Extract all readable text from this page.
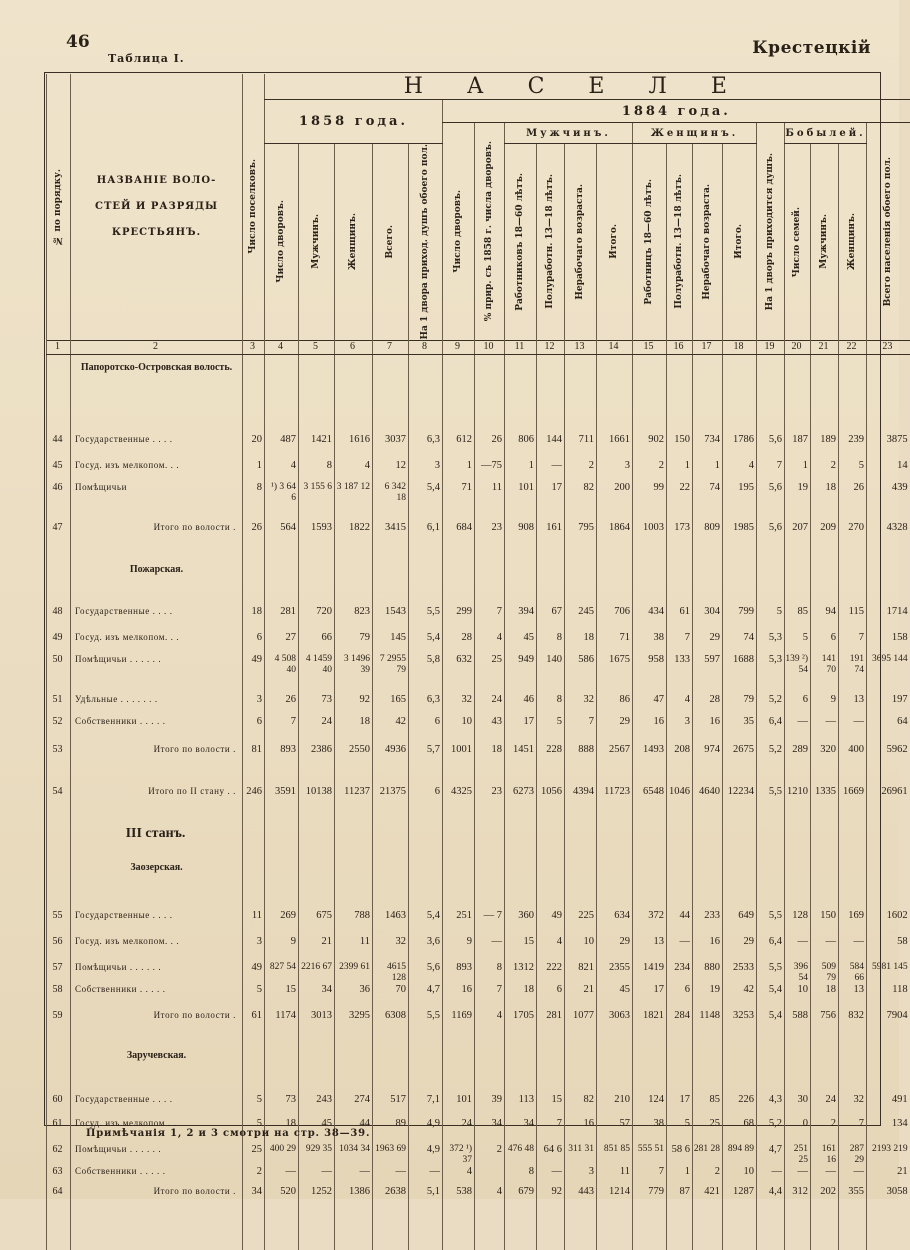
46
Таблица I.
Крестецкій
№ по порядку.	НАЗВАНІЕ ВОЛО-
СТЕЙ И РАЗРЯДЫ
КРЕСТЬЯНЪ.	Число поселковъ.	НАСЕЛЕ																			
			1858 года.					1884 года.														

								Число дворовъ.	% прир. съ 1858 г. числа дворовъ.	Мужчинъ.				Женщинъ.				На 1 дворъ приходится душъ.	Бобылей.			Всего населенія обоего пол.

			Число дворовъ.	Мужчинъ.	Женщинъ.	Всего.	На 1 двора приход. душъ обоего пол.			Работниковъ 18—60 лѣтъ.	Полуработн. 13—18 лѣтъ.	Нерабочаго возраста.	Итого.	Работницъ 18—60 лѣтъ.	Полуработн. 13—18 лѣтъ.	Нерабочаго возраста.	Итого.		Число семей.	Мужчинъ.	Женщинъ.	

1	2	3	4	5	6	7	8	9	10	11	12	13	14	15	16	17	18	19	20	21	22	23

	Папоротско-Островская волость.																					

44	Государственные . . . .	20	487	1421	1616	3037	6,3	612	26	806	144	711	1661	902	150	734	1786	5,6	187	189	239	3875
45	Госуд. изъ мелкопом. . .	1	4	8	4	12	3	1	—75	1	—	2	3	2	1	1	4	7	1	2	5	14
46	Помѣщичьи	8	¹) 3 64 6	3 155 6	3 187 12	6 342 18	5,4	71	11	101	17	82	200	99	22	74	195	5,6	19	18	26	439
47	Итого по волости .	26	564	1593	1822	3415	6,1	684	23	908	161	795	1864	1003	173	809	1985	5,6	207	209	270	4328

	Пожарская.																					

48	Государственные . . . .	18	281	720	823	1543	5,5	299	7	394	67	245	706	434	61	304	799	5	85	94	115	1714
49	Госуд. изъ мелкопом. . .	6	27	66	79	145	5,4	28	4	45	8	18	71	38	7	29	74	5,3	5	6	7	158
50	Помѣщичьи . . . . . .	49	4 508 40	4 1459 40	3 1496 39	7 2955 79	5,8	632	25	949	140	586	1675	958	133	597	1688	5,3	139 ²) 54	141 70	191 74	3695 144
51	Удѣльные . . . . . . .	3	26	73	92	165	6,3	32	24	46	8	32	86	47	4	28	79	5,2	6	9	13	197
52	Собственники . . . . .	6	7	24	18	42	6	10	43	17	5	7	29	16	3	16	35	6,4	—	—	—	64
53	Итого по волости .	81	893	2386	2550	4936	5,7	1001	18	1451	228	888	2567	1493	208	974	2675	5,2	289	320	400	5962

54	Итого по II стану . .	246	3591	10138	11237	21375	6	4325	23	6273	1056	4394	11723	6548	1046	4640	12234	5,5	1210	1335	1669	26961

	III станъ.																					

	Заозерская.																					

55	Государственные . . . .	11	269	675	788	1463	5,4	251	— 7	360	49	225	634	372	44	233	649	5,5	128	150	169	1602
56	Госуд. изъ мелкопом. . .	3	9	21	11	32	3,6	9	—	15	4	10	29	13	—	16	29	6,4	—	—	—	58
57	Помѣщичьи . . . . . .	49	827 54	2216 67	2399 61	4615 128	5,6	893	8	1312	222	821	2355	1419	234	880	2533	5,5	396 54	509 79	584 66	5981 145
58	Собственники . . . . .	5	15	34	36	70	4,7	16	7	18	6	21	45	17	6	19	42	5,4	10	18	13	118
59	Итого по волости .	61	1174	3013	3295	6308	5,5	1169	4	1705	281	1077	3063	1821	284	1148	3253	5,4	588	756	832	7904

	Заручевская.																					

60	Государственные . . . .	5	73	243	274	517	7,1	101	39	113	15	82	210	124	17	85	226	4,3	30	24	32	491
61	Госуд. изъ мелкопом . .	5	18	45	44	89	4,9	24	34	34	7	16	57	38	5	25	68	5,2	0	2	7	134
62	Помѣщичьи . . . . . .	25	400 29	929 35	1034 34	1963 69	4,9	372 ¹) 37	2	476 48	64 6	311 31	851 85	555 51	58 6	281 28	894 89	4,7	251 25	161 16	287 29	2193 219
63	Собственники . . . . .	2	—	—	—	—	—	4		8	—	3	11	7	1	2	10	—	—	—	—	21
64	Итого по волости .	34	520	1252	1386	2638	5,1	538	4	679	92	443	1214	779	87	421	1287	4,4	312	202	355	3058

Примѣчанія 1, 2 и 3 смотри на стр. 38—39.
